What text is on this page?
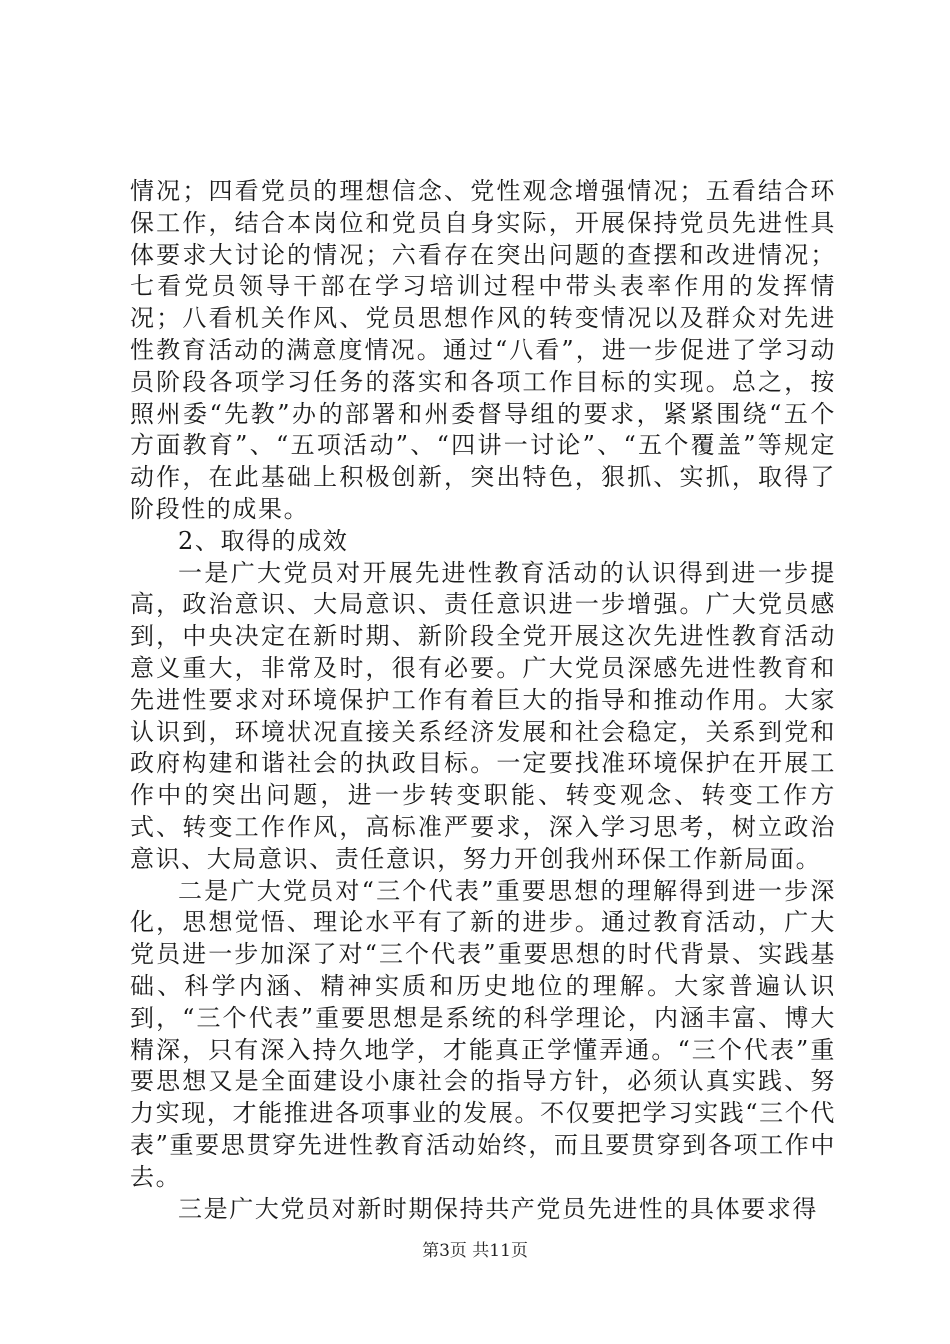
情况；四看党员的理想信念、党性观念增强情况；五看结合环保工作，结合本岗位和党员自身实际，开展保持党员先进性具体要求大讨论的情况；六看存在突出问题的查摆和改进情况；七看党员领导干部在学习培训过程中带头表率作用的发挥情况；八看机关作风、党员思想作风的转变情况以及群众对先进性教育活动的满意度情况。通过“八看”，进一步促进了学习动员阶段各项学习任务的落实和各项工作目标的实现。总之，按照州委“先教”办的部署和州委督导组的要求，紧紧围绕“五个方面教育”、“五项活动”、“四讲一讨论”、“五个覆盖”等规定动作，在此基础上积极创新，突出特色，狠抓、实抓，取得了阶段性的成果。

2、取得的成效

一是广大党员对开展先进性教育活动的认识得到进一步提高，政治意识、大局意识、责任意识进一步增强。广大党员感到，中央决定在新时期、新阶段全党开展这次先进性教育活动意义重大，非常及时，很有必要。广大党员深感先进性教育和先进性要求对环境保护工作有着巨大的指导和推动作用。大家认识到，环境状况直接关系经济发展和社会稳定，关系到党和政府构建和谐社会的执政目标。一定要找准环境保护在开展工作中的突出问题，进一步转变职能、转变观念、转变工作方式、转变工作作风，高标准严要求，深入学习思考，树立政治意识、大局意识、责任意识，努力开创我州环保工作新局面。

二是广大党员对“三个代表”重要思想的理解得到进一步深化，思想觉悟、理论水平有了新的进步。通过教育活动，广大党员进一步加深了对“三个代表”重要思想的时代背景、实践基础、科学内涵、精神实质和历史地位的理解。大家普遍认识到，“三个代表”重要思想是系统的科学理论，内涵丰富、博大精深，只有深入持久地学，才能真正学懂弄通。“三个代表”重要思想又是全面建设小康社会的指导方针，必须认真实践、努力实现，才能推进各项事业的发展。不仅要把学习实践“三个代表”重要思贯穿先进性教育活动始终，而且要贯穿到各项工作中去。

三是广大党员对新时期保持共产党员先进性的具体要求得

第3页 共11页
